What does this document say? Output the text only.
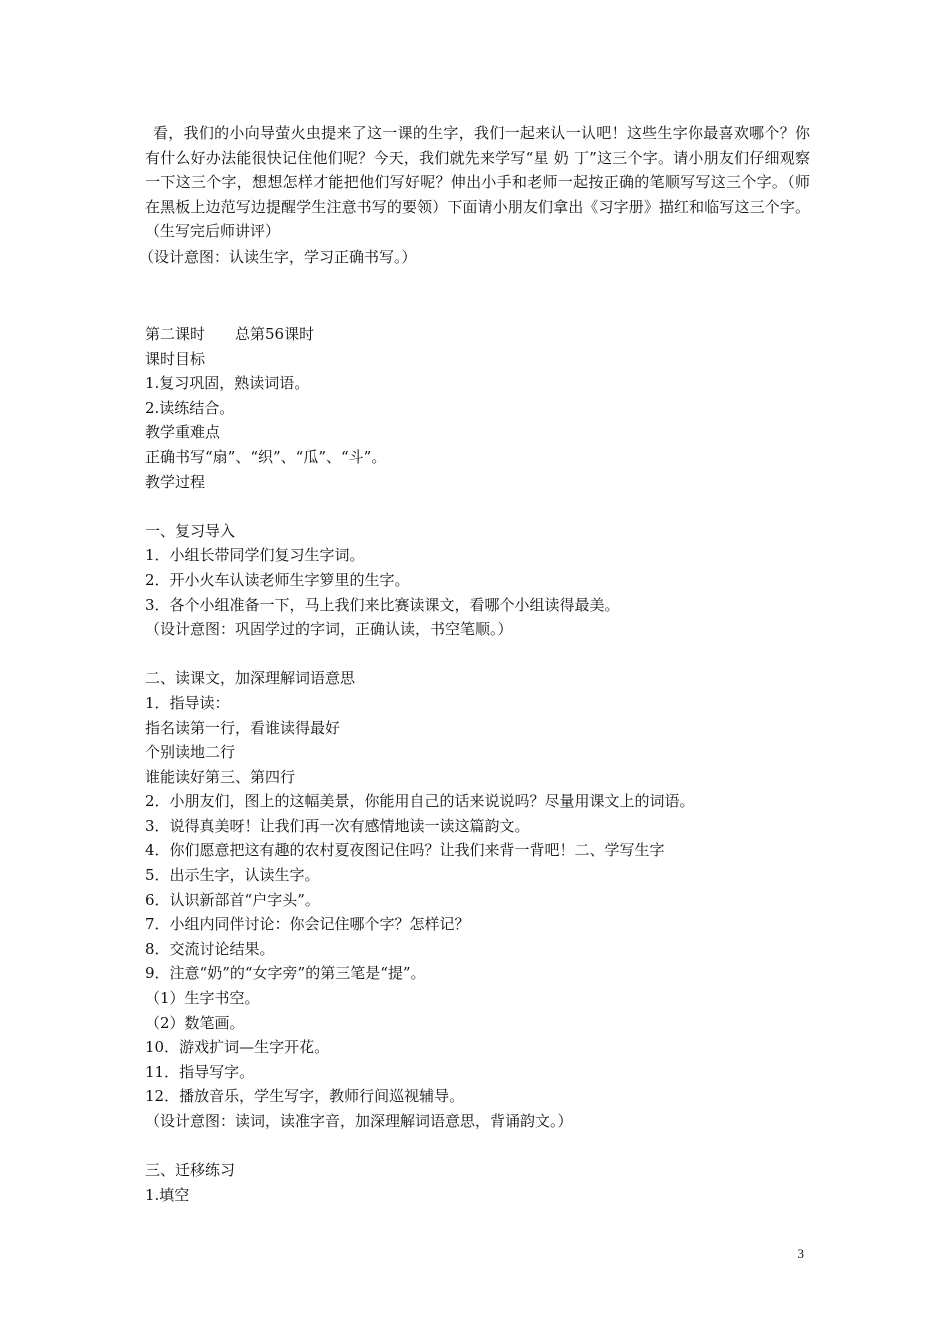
看，我们的小向导萤火虫提来了这一课的生字，我们一起来认一认吧！这些生字你最喜欢哪个？你有什么好办法能很快记住他们呢？今天，我们就先来学写“星 奶 丁”这三个字。请小朋友们仔细观察一下这三个字，想想怎样才能把他们写好呢？伸出小手和老师一起按正确的笔顺写写这三个字。（师在黑板上边范写边提醒学生注意书写的要领）下面请小朋友们拿出《习字册》描红和临写这三个字。（生写完后师讲评）

（设计意图：认读生字，学习正确书写。）
第二课时　　总第56课时
课时目标
1.复习巩固，熟读词语。
2.读练结合。
教学重难点
正确书写“扇”、“织”、“瓜”、“斗”。
教学过程
一、复习导入
1．小组长带同学们复习生字词。
2．开小火车认读老师生字箩里的生字。
3．各个小组准备一下，马上我们来比赛读课文，看哪个小组读得最美。
（设计意图：巩固学过的字词，正确认读，书空笔顺。）
二、读课文，加深理解词语意思
1．指导读：
指名读第一行，看谁读得最好
个别读地二行
谁能读好第三、第四行
2．小朋友们，图上的这幅美景，你能用自己的话来说说吗？尽量用课文上的词语。
3．说得真美呀！让我们再一次有感情地读一读这篇韵文。
4．你们愿意把这有趣的农村夏夜图记住吗？让我们来背一背吧！二、学写生字
5．出示生字，认读生字。
6．认识新部首“户字头”。
7．小组内同伴讨论：你会记住哪个字？怎样记？
8．交流讨论结果。
9．注意“奶”的“女字旁”的第三笔是“提”。
（1）生字书空。
（2）数笔画。
10．游戏扩词—生字开花。
11．指导写字。
12．播放音乐，学生写字，教师行间巡视辅导。
（设计意图：读词，读准字音，加深理解词语意思，背诵韵文。）
三、迁移练习
1.填空
3
